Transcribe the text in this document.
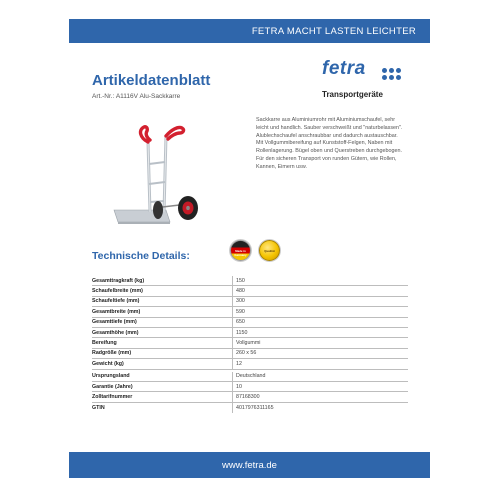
FETRA MACHT LASTEN LEICHTER
Artikeldatenblatt
Art.-Nr.: A1116V Alu-Sackkarre
fetra
Transportgeräte
Sackkarre aus Aluminiumrohr mit Aluminiumschaufel, sehr leicht und handlich. Sauber verschweißt und "naturbelassen". Alublechschaufel anschraubbar und dadurch austauschbar. Mit Vollgummibereifung auf Kunststoff-Felgen, Naben mit Rollenlagerung. Bügel oben und Querstreben durchgebogen. Für den sicheren Transport von runden Gütern, wie Rollen, Kannen, Eimern usw.
Technische Details:	Made in Germany
Qualität
Gesamttragkraft (kg)	150
Schaufelbreite (mm)	480
Schaufeltiefe (mm)	300
Gesamtbreite (mm)	590
Gesamttiefe (mm)	650
Gesamthöhe (mm)	1150
Bereifung	Vollgummi
Radgröße (mm)	260 x 56
Gewicht (kg)	12
Ursprungsland	Deutschland
Garantie (Jahre)	10
Zolltarifnummer	87168300
GTIN	4017976311165
www.fetra.de
